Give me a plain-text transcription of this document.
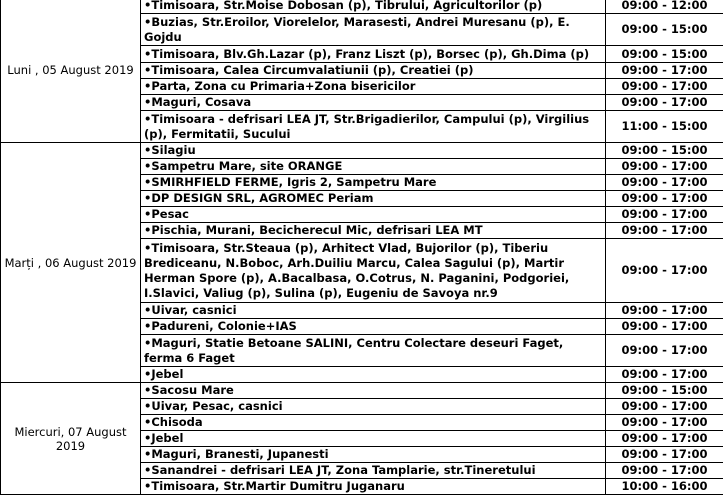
Luni , 05 August 2019	•Timisoara, Str.Moise Dobosan (p), Tibrului, Agricultorilor (p)	09:00 - 12:00
	•Buzias, Str.Eroilor, Viorelelor, Marasesti, Andrei Muresanu (p), E. Gojdu	09:00 - 15:00
	•Timisoara, Blv.Gh.Lazar (p), Franz Liszt (p), Borsec (p), Gh.Dima (p)	09:00 - 15:00
	•Timisoara, Calea Circumvalatiunii (p), Creatiei (p)	09:00 - 17:00
	•Parta, Zona cu Primaria+Zona bisericilor	09:00 - 17:00
	•Maguri, Cosava	09:00 - 17:00
	•Timisoara - defrisari LEA JT, Str.Brigadierilor, Campului (p), Virgilius (p), Fermitatii, Sucului	11:00 - 15:00
Marți , 06 August 2019	•Silagiu	09:00 - 15:00
	•Sampetru Mare, site ORANGE	09:00 - 17:00
	•SMIRHFIELD FERME, Igris 2, Sampetru Mare	09:00 - 17:00
	•DP DESIGN SRL, AGROMEC Periam	09:00 - 17:00
	•Pesac	09:00 - 17:00
	•Pischia, Murani, Becicherecul Mic, defrisari LEA MT	09:00 - 17:00
	•Timisoara, Str.Steaua (p), Arhitect Vlad, Bujorilor (p), Tiberiu Brediceanu, N.Boboc, Arh.Duiliu Marcu, Calea Sagului (p), Martir Herman Spore (p), A.Bacalbasa, O.Cotrus, N. Paganini, Podgoriei, I.Slavici, Valiug (p), Sulina (p), Eugeniu de Savoya nr.9	09:00 - 17:00
	•Uivar, casnici	09:00 - 17:00
	•Padureni, Colonie+IAS	09:00 - 17:00
	•Maguri, Statie Betoane SALINI, Centru Colectare deseuri Faget, ferma 6 Faget	09:00 - 17:00
	•Jebel	09:00 - 17:00
Miercuri, 07 August 2019	•Sacosu Mare	09:00 - 15:00
	•Uivar, Pesac, casnici	09:00 - 17:00
	•Chisoda	09:00 - 17:00
	•Jebel	09:00 - 17:00
	•Maguri, Branesti, Jupanesti	09:00 - 17:00
	•Sanandrei - defrisari LEA JT, Zona Tamplarie, str.Tineretului	09:00 - 17:00
	•Timisoara, Str.Martir Dumitru Juganaru	10:00 - 16:00
